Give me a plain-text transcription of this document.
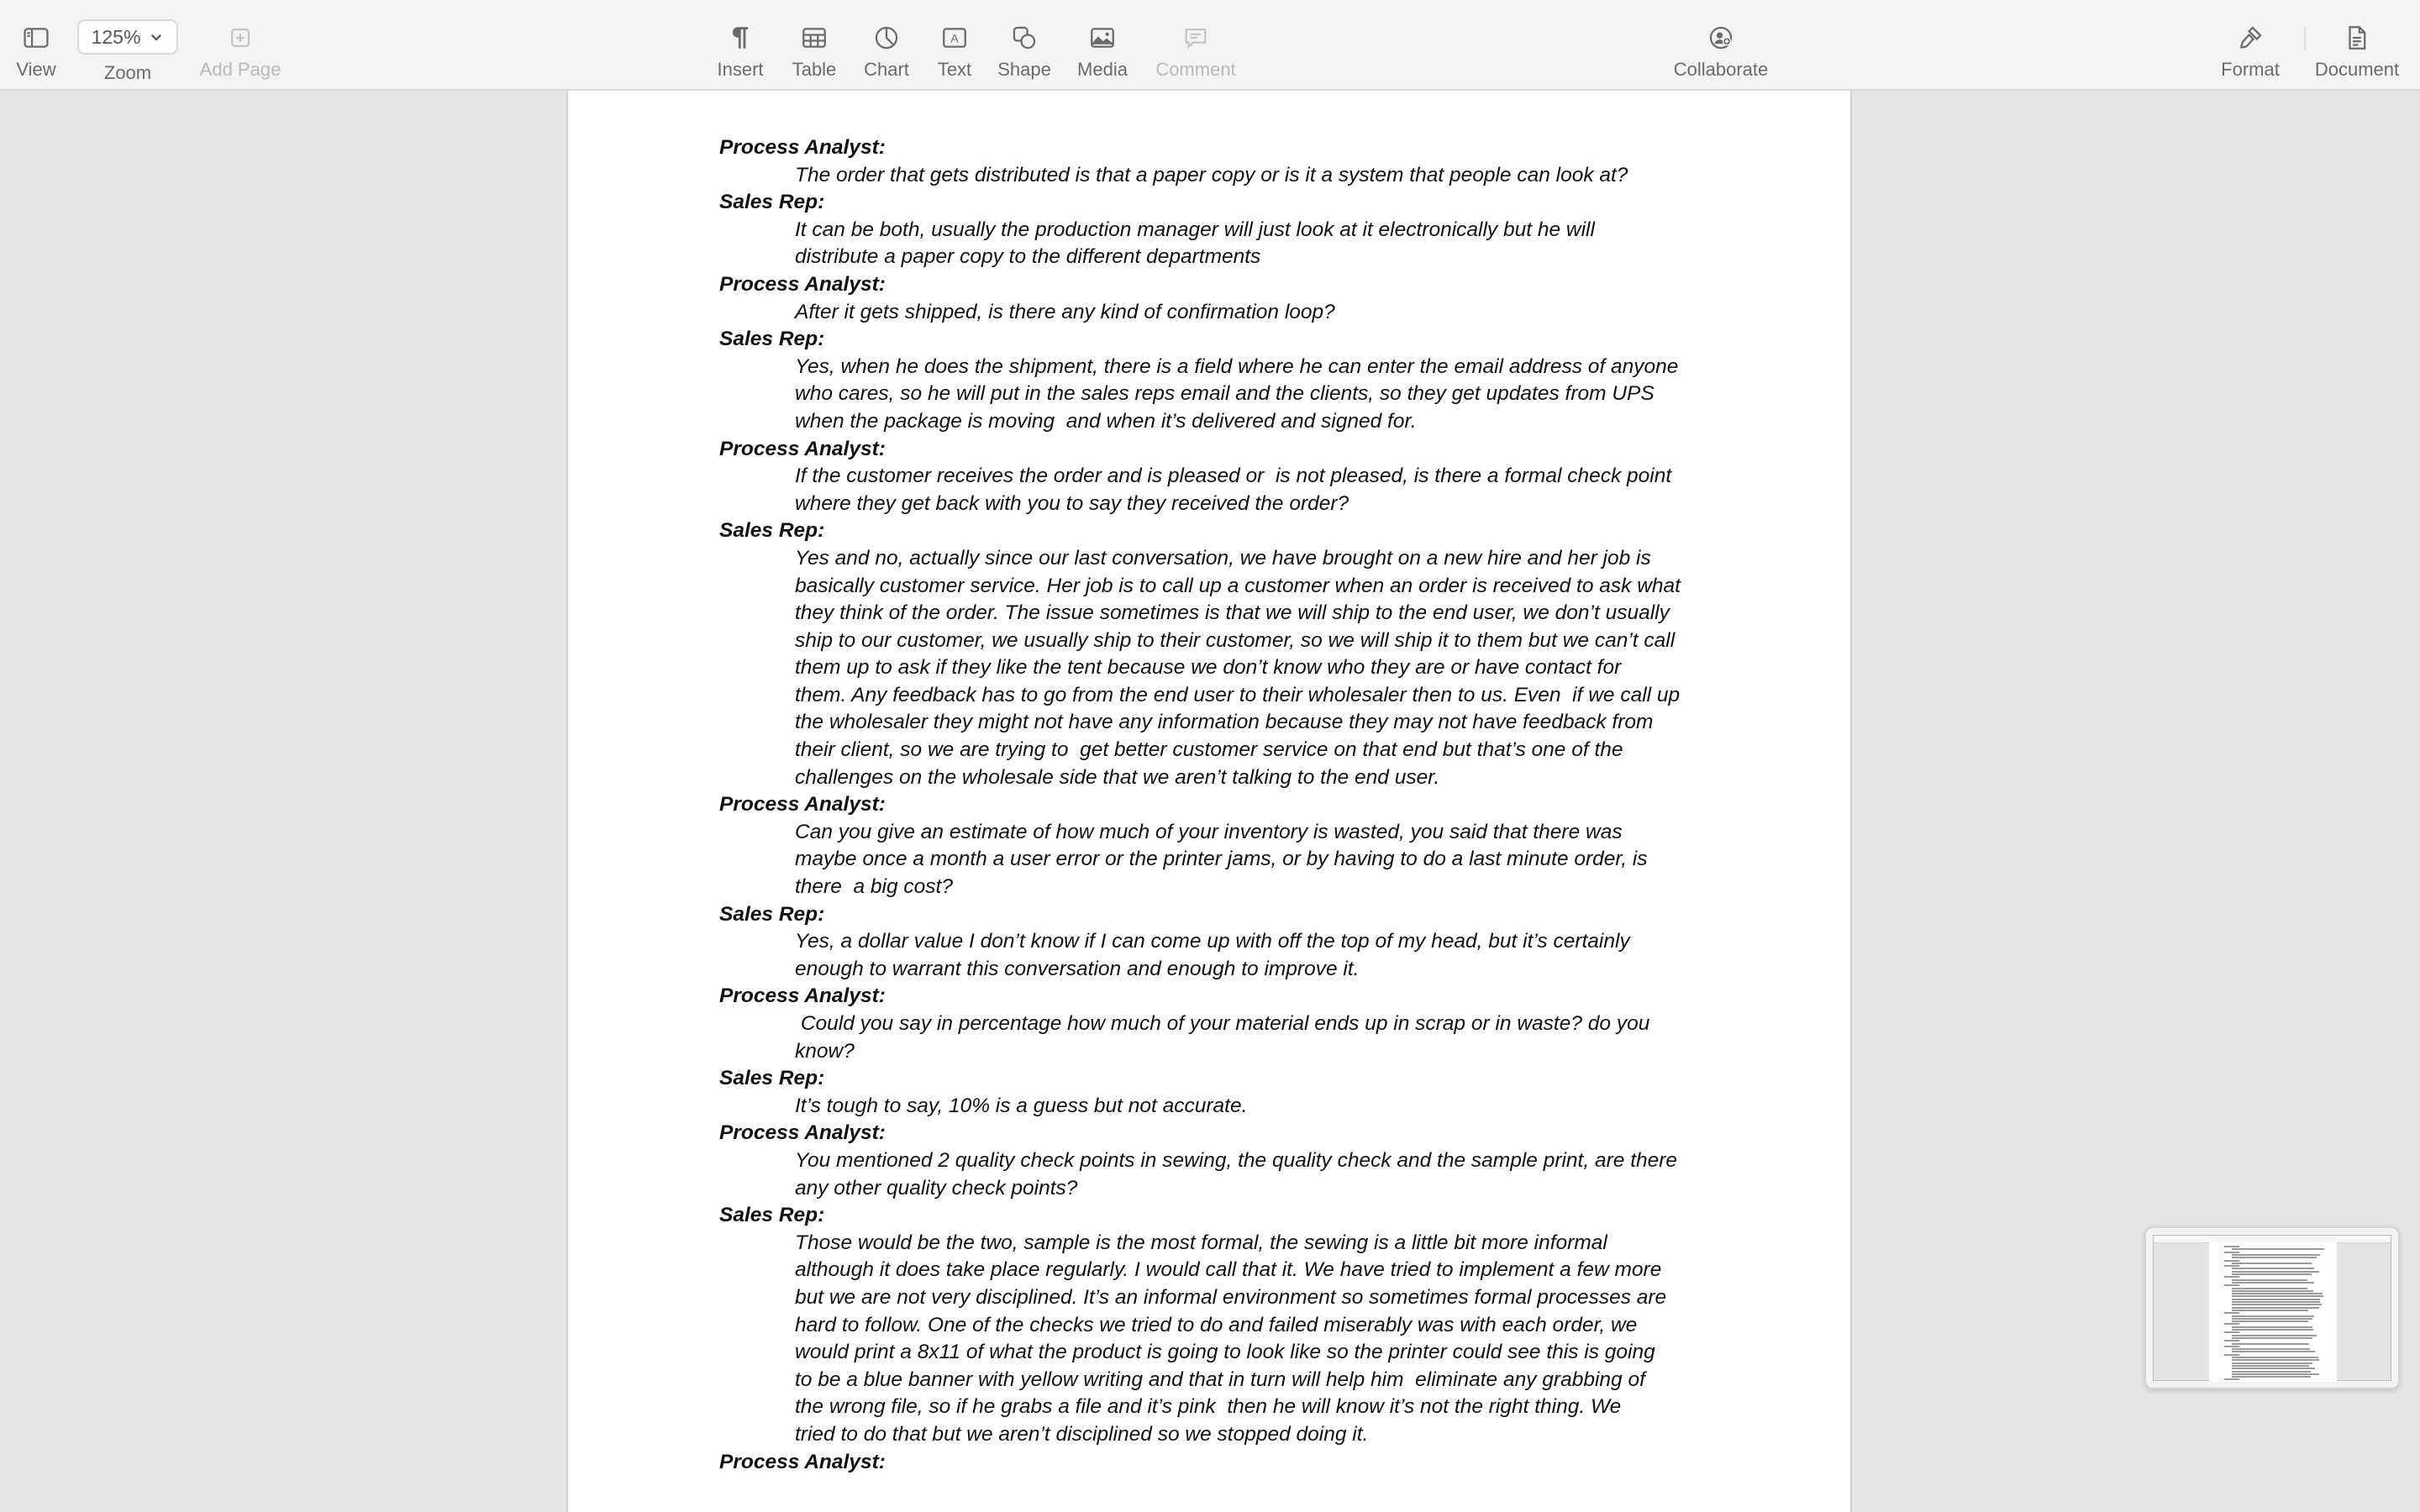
View
125%
Zoom	Add Page	Insert	Table	Chart
A
Text	Shape	Media	Comment	Collaborate	Format	Document
Process Analyst:
The order that gets distributed is that a paper copy or is it a system that people can look at?
Sales Rep:
It can be both, usually the production manager will just look at it electronically but he will
distribute a paper copy to the different departments
Process Analyst:
After it gets shipped, is there any kind of confirmation loop?
Sales Rep:
Yes, when he does the shipment, there is a field where he can enter the email address of anyone
who cares, so he will put in the sales reps email and the clients, so they get updates from UPS
when the package is moving  and when it’s delivered and signed for.
Process Analyst:
If the customer receives the order and is pleased or  is not pleased, is there a formal check point
where they get back with you to say they received the order?
Sales Rep:
Yes and no, actually since our last conversation, we have brought on a new hire and her job is
basically customer service. Her job is to call up a customer when an order is received to ask what
they think of the order. The issue sometimes is that we will ship to the end user, we don’t usually
ship to our customer, we usually ship to their customer, so we will ship it to them but we can’t call
them up to ask if they like the tent because we don’t know who they are or have contact for
them. Any feedback has to go from the end user to their wholesaler then to us. Even  if we call up
the wholesaler they might not have any information because they may not have feedback from
their client, so we are trying to  get better customer service on that end but that’s one of the
challenges on the wholesale side that we aren’t talking to the end user.
Process Analyst:
Can you give an estimate of how much of your inventory is wasted, you said that there was
maybe once a month a user error or the printer jams, or by having to do a last minute order, is
there  a big cost?
Sales Rep:
Yes, a dollar value I don’t know if I can come up with off the top of my head, but it’s certainly
enough to warrant this conversation and enough to improve it.
Process Analyst:
Could you say in percentage how much of your material ends up in scrap or in waste? do you
know?
Sales Rep:
It’s tough to say, 10% is a guess but not accurate.
Process Analyst:
You mentioned 2 quality check points in sewing, the quality check and the sample print, are there
any other quality check points?
Sales Rep:
Those would be the two, sample is the most formal, the sewing is a little bit more informal
although it does take place regularly. I would call that it. We have tried to implement a few more
but we are not very disciplined. It’s an informal environment so sometimes formal processes are
hard to follow. One of the checks we tried to do and failed miserably was with each order, we
would print a 8x11 of what the product is going to look like so the printer could see this is going
to be a blue banner with yellow writing and that in turn will help him  eliminate any grabbing of
the wrong file, so if he grabs a file and it’s pink  then he will know it’s not the right thing. We
tried to do that but we aren’t disciplined so we stopped doing it.
Process Analyst:
